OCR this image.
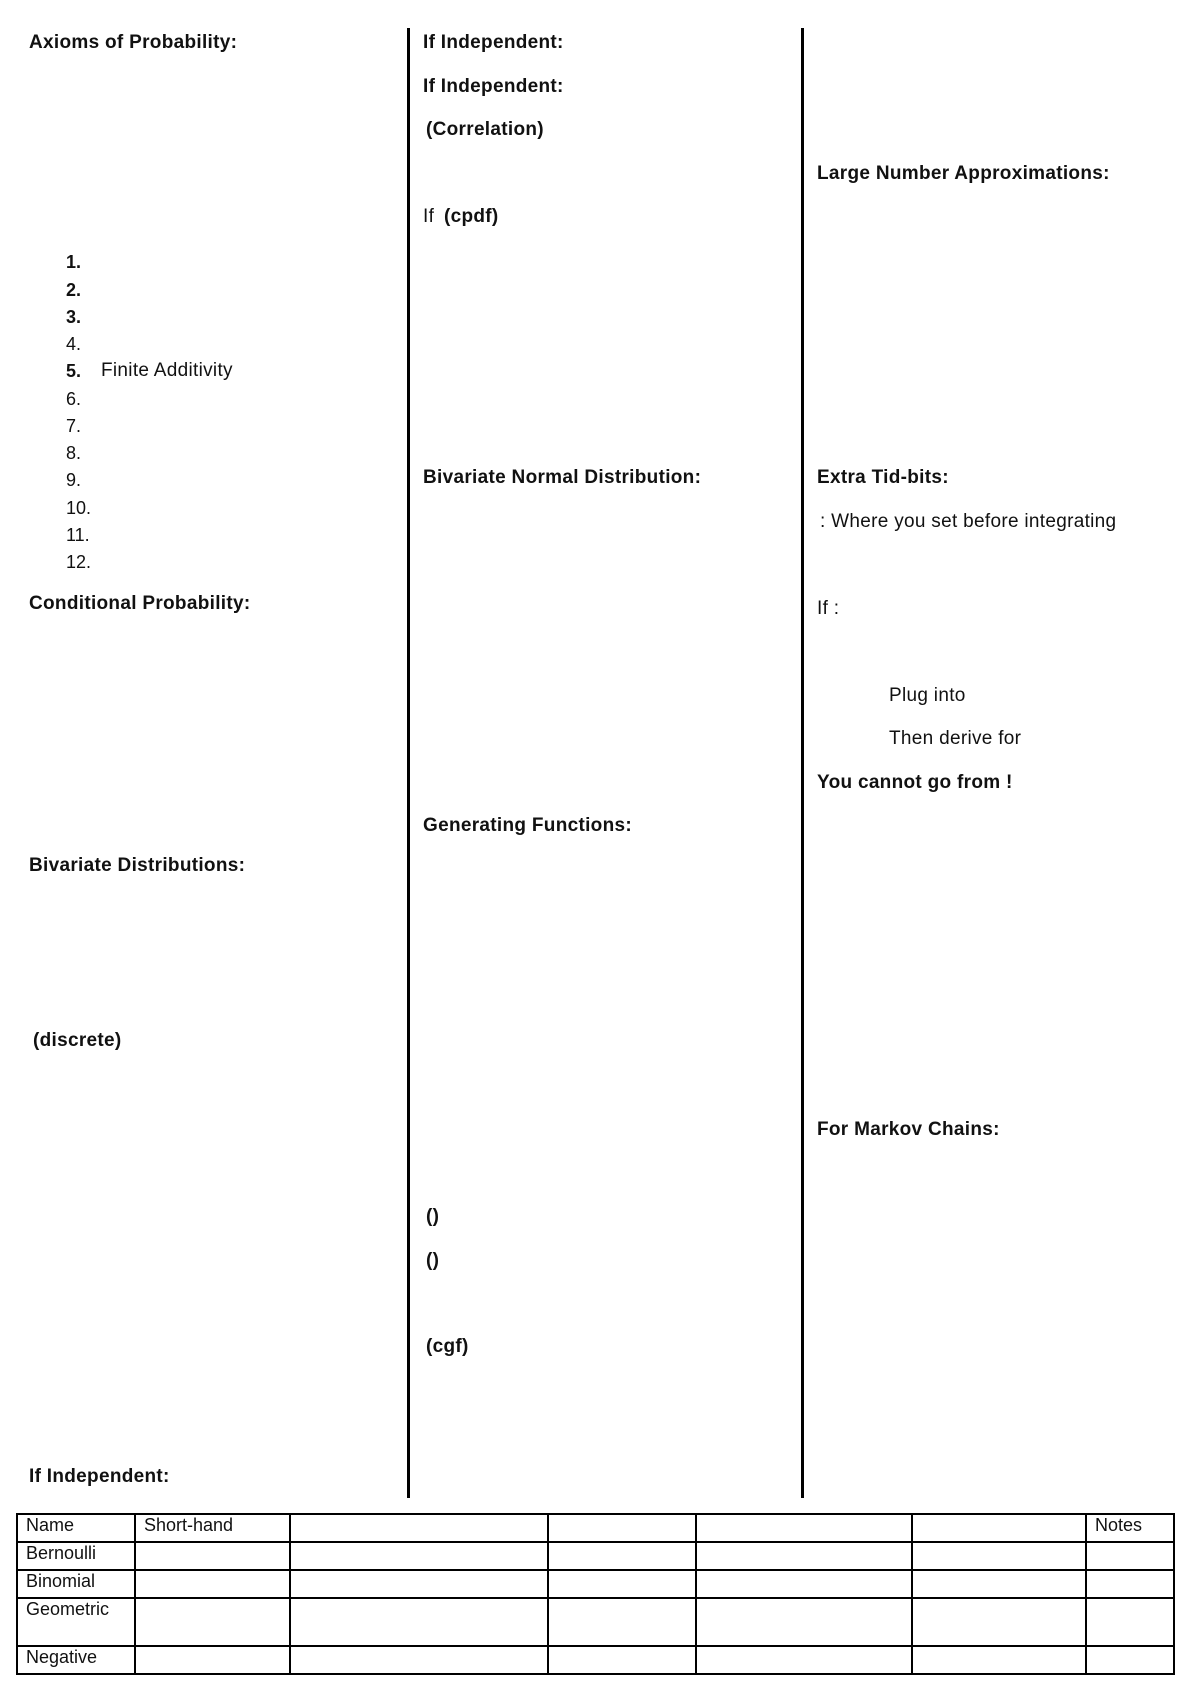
Axioms of Probability:
1.
2.
3.
4.
5. Finite Additivity
6.
7.
8.
9.
10.
11.
12.
Conditional Probability:
Bivariate Distributions:
(discrete)
If Independent:
If Independent:
If Independent:
(Correlation)
If (cpdf)
Bivariate Normal Distribution:
Generating Functions:
()
()
(cgf)
Large Number Approximations:
Extra Tid-bits:
: Where you set before integrating
If :
Plug into
Then derive for
You cannot go from !
For Markov Chains:
Name	Short-hand					Notes
Bernoulli						
Binomial						
Geometric						
Negative						
